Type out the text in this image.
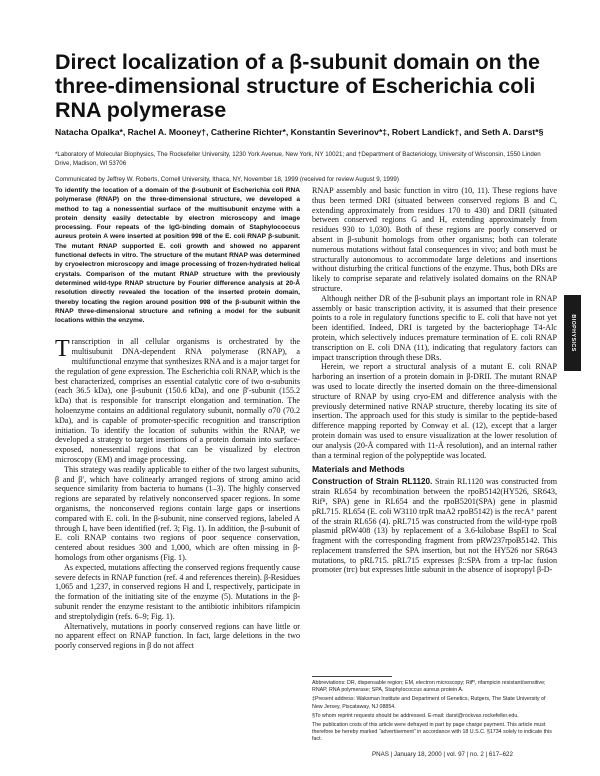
Direct localization of a β-subunit domain on the
three-dimensional structure of Escherichia coli
RNA polymerase
Natacha Opalka*, Rachel A. Mooney†, Catherine Richter*, Konstantin Severinov*‡, Robert Landick†, and Seth A. Darst*§
*Laboratory of Molecular Biophysics, The Rockefeller University, 1230 York Avenue, New York, NY 10021; and †Department of Bacteriology, University of Wisconsin, 1550 Linden Drive, Madison, WI 53706
Communicated by Jeffrey W. Roberts, Cornell University, Ithaca, NY, November 18, 1999 (received for review August 9, 1999)

To identify the location of a domain of the β-subunit of Escherichia coli RNA polymerase (RNAP) on the three-dimensional structure, we developed a method to tag a nonessential surface of the multisubunit enzyme with a protein density easily detectable by electron microscopy and image processing. Four repeats of the IgG-binding domain of Staphylococcus aureus protein A were inserted at position 998 of the E. coli RNAP β-subunit. The mutant RNAP supported E. coli growth and showed no apparent functional defects in vitro. The structure of the mutant RNAP was determined by cryoelectron microscopy and image processing of frozen-hydrated helical crystals. Comparison of the mutant RNAP structure with the previously determined wild-type RNAP structure by Fourier difference analysis at 20-Å resolution directly revealed the location of the inserted protein domain, thereby locating the region around position 998 of the β-subunit within the RNAP three-dimensional structure and refining a model for the subunit locations within the enzyme.

T ranscription in all cellular organisms is orchestrated by the multisubunit DNA-dependent RNA polymerase (RNAP), a multifunctional enzyme that synthesizes RNA and is a major target for the regulation of gene expression. The Escherichia coli RNAP, which is the best characterized, comprises an essential catalytic core of two α-subunits (each 36.5 kDa), one β-subunit (150.6 kDa), and one β′-subunit (155.2 kDa) that is responsible for transcript elongation and termination. The holoenzyme contains an additional regulatory subunit, normally σ70 (70.2 kDa), and is capable of promoter-specific recognition and transcription initiation. To identify the location of subunits within the RNAP, we developed a strategy to target insertions of a protein domain into surface-exposed, nonessential regions that can be visualized by electron microscopy (EM) and image processing.

This strategy was readily applicable to either of the two largest subunits, β and β′, which have colinearly arranged regions of strong amino acid sequence similarity from bacteria to humans (1–3). The highly conserved regions are separated by relatively nonconserved spacer regions. In some organisms, the nonconserved regions contain large gaps or insertions compared with E. coli. In the β-subunit, nine conserved regions, labeled A through I, have been identified (ref. 3; Fig. 1). In addition, the β-subunit of E. coli RNAP contains two regions of poor sequence conservation, centered about residues 300 and 1,000, which are often missing in β-homologs from other organisms (Fig. 1).

As expected, mutations affecting the conserved regions frequently cause severe defects in RNAP function (ref. 4 and references therein). β-Residues 1,065 and 1,237, in conserved regions H and I, respectively, participate in the formation of the initiating site of the enzyme (5). Mutations in the β-subunit render the enzyme resistant to the antibiotic inhibitors rifampicin and streptolydigin (refs. 6–9; Fig. 1).

Alternatively, mutations in poorly conserved regions can have little or no apparent effect on RNAP function. In fact, large deletions in the two poorly conserved regions in β do not affect

RNAP assembly and basic function in vitro (10, 11). These regions have thus been termed DRI (situated between conserved regions B and C, extending approximately from residues 170 to 430) and DRII (situated between conserved regions G and H, extending approximately from residues 930 to 1,030). Both of these regions are poorly conserved or absent in β-subunit homologs from other organisms; both can tolerate numerous mutations without fatal consequences in vivo; and both must be structurally autonomous to accommodate large deletions and insertions without disturbing the critical functions of the enzyme. Thus, both DRs are likely to comprise separate and relatively isolated domains on the RNAP structure.

Although neither DR of the β-subunit plays an important role in RNAP assembly or basic transcription activity, it is assumed that their presence points to a role in regulatory functions specific to E. coli that have not yet been identified. Indeed, DRI is targeted by the bacteriophage T4-Alc protein, which selectively induces premature termination of E. coli RNAP transcription on E. coli DNA (11), indicating that regulatory factors can impact transcription through these DRs.

Herein, we report a structural analysis of a mutant E. coli RNAP harboring an insertion of a protein domain in β-DRII. The mutant RNAP was used to locate directly the inserted domain on the three-dimensional structure of RNAP by using cryo-EM and difference analysis with the previously determined native RNAP structure, thereby locating its site of insertion. The approach used for this study is similar to the peptide-based difference mapping reported by Conway et al. (12), except that a larger protein domain was used to ensure visualization at the lower resolution of our analysis (20-Å compared with 11-Å resolution), and an internal rather than a terminal region of the polypeptide was located.

Materials and Methods

Construction of Strain RL1120. Strain RL1120 was constructed from strain RL654 by recombination between the rpoB5142(HY526, SR643, Rifᴿ, SPA) gene in RL654 and the rpoB5201(SPA) gene in plasmid pRL715. RL654 (E. coli W3110 trpR tnaA2 rpoB5142) is the recA⁺ parent of the strain RL656 (4). pRL715 was constructed from the wild-type rpoB plasmid pRW408 (13) by replacement of a 3.6-kilobase BspEI to ScaI fragment with the corresponding fragment from pRW237rpoB5142. This replacement transferred the SPA insertion, but not the HY526 nor SR643 mutations, to pRL715. pRL715 expresses β::SPA from a trp-lac fusion promoter (trc) but expresses little subunit in the absence of isopropyl β-D-

Abbreviations: DR, dispensable region; EM, electron microscopy; Rifᴿ, rifampicin resistant/sensitive; RNAP, RNA polymerase; SPA, Staphylococcus aureus protein A.

‡Present address: Waksman Institute and Department of Genetics, Rutgers, The State University of New Jersey, Piscataway, NJ 08854.

§To whom reprint requests should be addressed. E-mail: darst@rockvax.rockefeller.edu.

The publication costs of this article were defrayed in part by page charge payment. This article must therefore be hereby marked “advertisement” in accordance with 18 U.S.C. §1734 solely to indicate this fact.

PNAS | January 18, 2000 | vol. 97 | no. 2 | 617–622
BIOPHYSICS
